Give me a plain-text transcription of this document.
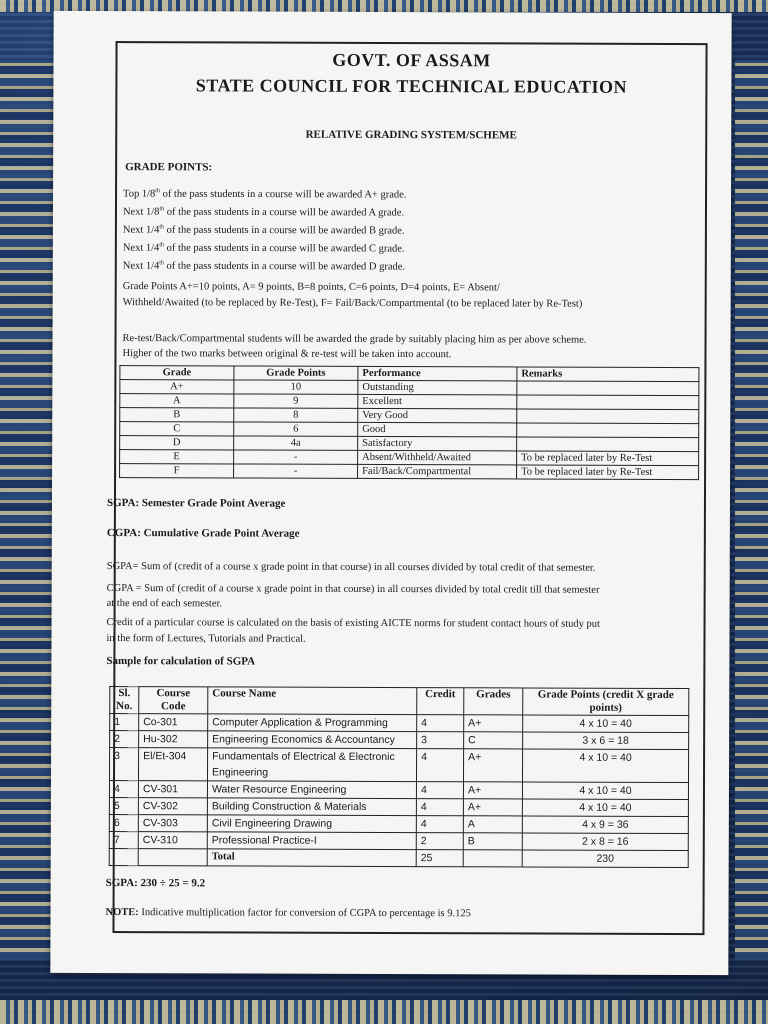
GOVT. OF ASSAM
STATE COUNCIL FOR TECHNICAL EDUCATION
RELATIVE GRADING SYSTEM/SCHEME
GRADE POINTS:
Top 1/8th of the pass students in a course will be awarded A+ grade.
Next 1/8th of the pass students in a course will be awarded A grade.
Next 1/4th of the pass students in a course will be awarded B grade.
Next 1/4th of the pass students in a course will be awarded C grade.
Next 1/4th of the pass students in a course will be awarded D grade.
Grade Points A+=10 points, A= 9 points, B=8 points, C=6 points, D=4 points, E= Absent/
Withheld/Awaited (to be replaced by Re-Test), F= Fail/Back/Compartmental (to be replaced later by Re-Test)
Re-test/Back/Compartmental students will be awarded the grade by suitably placing him as per above scheme.
Higher of the two marks between original & re-test will be taken into account.
Grade	Grade Points	Performance	Remarks
A+	10	Outstanding	
A	9	Excellent	
B	8	Very Good	
C	6	Good	
D	4a	Satisfactory	
E	-	Absent/Withheld/Awaited	To be replaced later by Re-Test
F	-	Fail/Back/Compartmental	To be replaced later by Re-Test
SGPA: Semester Grade Point Average
CGPA: Cumulative Grade Point Average
SGPA= Sum of (credit of a course x grade point in that course) in all courses divided by total credit of that semester.
CGPA = Sum of (credit of a course x grade point in that course) in all courses divided by total credit till that semester
at the end of each semester.
Credit of a particular course is calculated on the basis of existing AICTE norms for student contact hours of study put
in the form of Lectures, Tutorials and Practical.
Sample for calculation of SGPA
Sl. No.	Course Code	Course Name	Credit	Grades	Grade Points (credit X grade points)
1	Co-301	Computer Application & Programming	4	A+	4 x 10 = 40
2	Hu-302	Engineering Economics & Accountancy	3	C	3 x 6 = 18
3	El/Et-304	Fundamentals of Electrical & Electronic Engineering	4	A+	4 x 10 = 40
4	CV-301	Water Resource Engineering	4	A+	4 x 10 = 40
5	CV-302	Building Construction & Materials	4	A+	4 x 10 = 40
6	CV-303	Civil Engineering Drawing	4	A	4 x 9 = 36
7	CV-310	Professional Practice-I	2	B	2 x 8 = 16
		Total	25		230
SGPA: 230 ÷ 25 = 9.2
NOTE: Indicative multiplication factor for conversion of CGPA to percentage is 9.125
